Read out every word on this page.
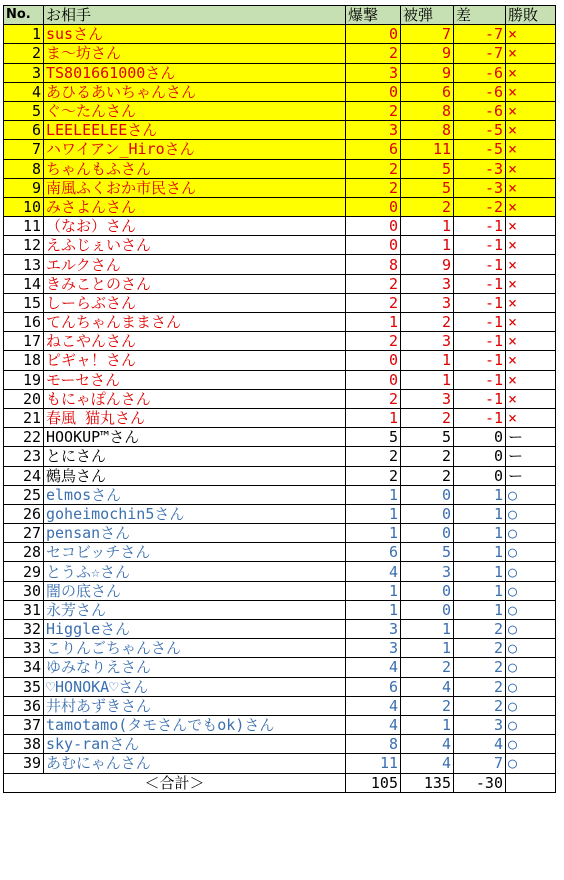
No.	お相手	爆撃	被弾	差	勝敗
1	susさん	0	7	-7	×
2	ま～坊さん	2	9	-7	×
3	TS801661000さん	3	9	-6	×
4	あひるあいちゃんさん	0	6	-6	×
5	ぐ～たんさん	2	8	-6	×
6	LEELEELEEさん	3	8	-5	×
7	ハワイアン_Hiroさん	6	11	-5	×
8	ちゃんもふさん	2	5	-3	×
9	南風ふくおか市民さん	2	5	-3	×
10	みさよんさん	0	2	-2	×
11	（なお）さん	0	1	-1	×
12	えふじぇいさん	0	1	-1	×
13	エルクさん	8	9	-1	×
14	きみことのさん	2	3	-1	×
15	しーらぶさん	2	3	-1	×
16	てんちゃんままさん	1	2	-1	×
17	ねこやんさん	2	3	-1	×
18	ピギャ！さん	0	1	-1	×
19	モーセさん	0	1	-1	×
20	もにゃぽんさん	2	3	-1	×
21	春風 猫丸さん	1	2	-1	×
22	HOOKUP™さん	5	5	0	ー
23	とにさん	2	2	0	ー
24	鵺鳥さん	2	2	0	ー
25	elmosさん	1	0	1	○
26	goheimochin5さん	1	0	1	○
27	pensanさん	1	0	1	○
28	セコビッチさん	6	5	1	○
29	とうふ☆さん	4	3	1	○
30	闇の底さん	1	0	1	○
31	永芳さん	1	0	1	○
32	Higgleさん	3	1	2	○
33	こりんごちゃんさん	3	1	2	○
34	ゆみなりえさん	4	2	2	○
35	♡HONOKA♡さん	6	4	2	○
36	井村あずきさん	4	2	2	○
37	tamotamo(タモさんでもok)さん	4	1	3	○
38	sky-ranさん	8	4	4	○
39	あむにゃんさん	11	4	7	○
＜合計＞		105	135	-30	
